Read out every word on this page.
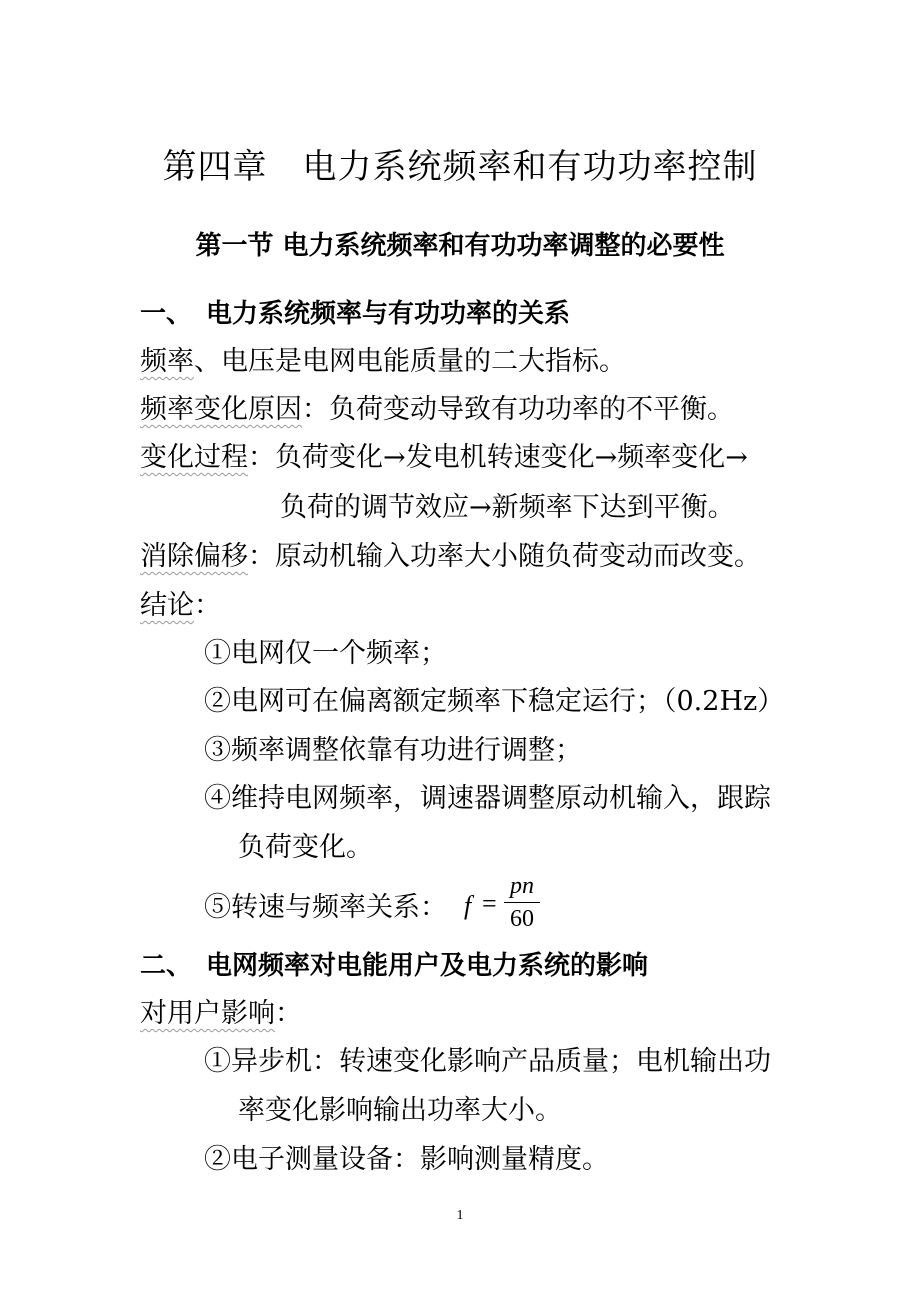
第四章　电力系统频率和有功功率控制
第一节 电力系统频率和有功功率调整的必要性
一、 电力系统频率与有功功率的关系
频率、电压是电网电能质量的二大指标。
频率变化原因：负荷变动导致有功功率的不平衡。
变化过程：负荷变化→发电机转速变化→频率变化→
负荷的调节效应→新频率下达到平衡。
消除偏移：原动机输入功率大小随负荷变动而改变。
结论：
①电网仅一个频率；
②电网可在偏离额定频率下稳定运行；（0.2Hz）
③频率调整依靠有功进行调整；
④维持电网频率，调速器调整原动机输入，跟踪
负荷变化。
⑤转速与频率关系： f =
pn
60
二、 电网频率对电能用户及电力系统的影响
对用户影响：
①异步机：转速变化影响产品质量；电机输出功
率变化影响输出功率大小。
②电子测量设备：影响测量精度。
1
